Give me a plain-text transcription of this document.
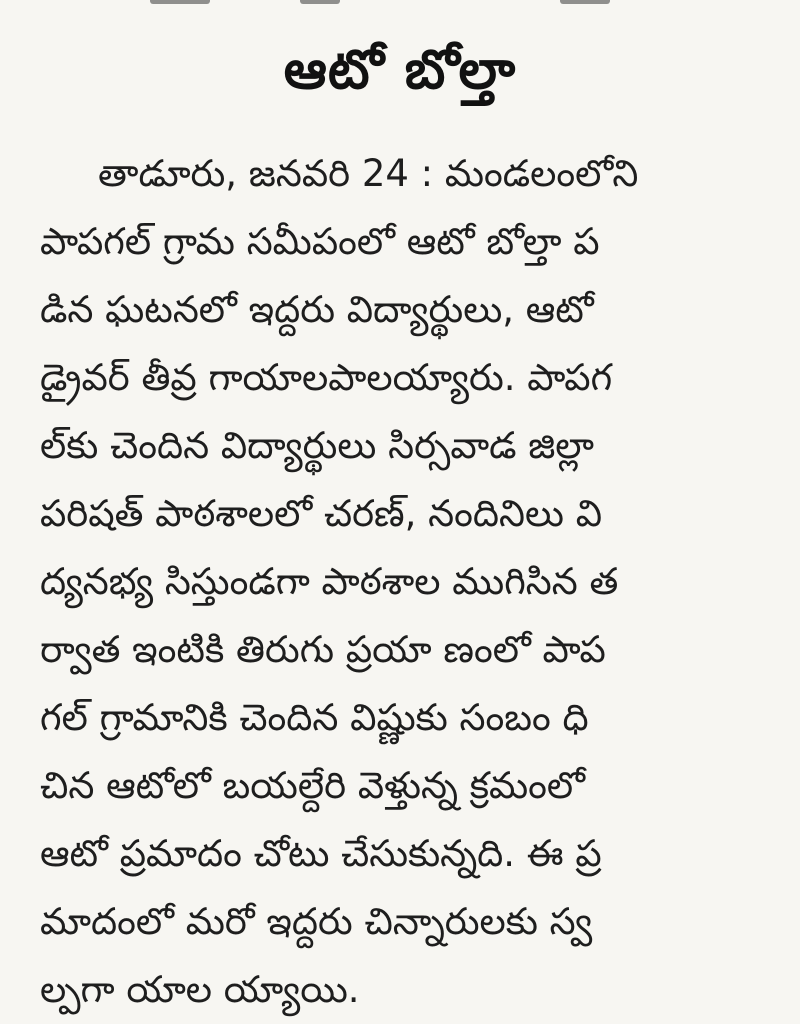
ఆటో బోల్తా
తాడూరు, జనవరి 24 : మండలంలోని
పాపగల్ గ్రామ సమీపంలో ఆటో బోల్తా ప
డిన ఘటనలో ఇద్దరు విద్యార్థులు, ఆటో
డ్రైవర్ తీవ్ర గాయాలపాలయ్యారు. పాపగ
ల్‌కు చెందిన విద్యార్థులు సిర్సవాడ జిల్లా
పరిషత్ పాఠశాలలో చరణ్, నందినిలు వి
ద్యనభ్య సిస్తుండగా పాఠశాల ముగిసిన త
ర్వాత ఇంటికి తిరుగు ప్రయా ణంలో పాప
గల్ గ్రామానికి చెందిన విష్ణుకు సంబం ధి
చిన ఆటోలో బయల్దేరి వెళ్తున్న క్రమంలో
ఆటో ప్రమాదం చోటు చేసుకున్నది. ఈ ప్ర
మాదంలో మరో ఇద్దరు చిన్నారులకు స్వ
ల్పగా యాల య్యాయి.
